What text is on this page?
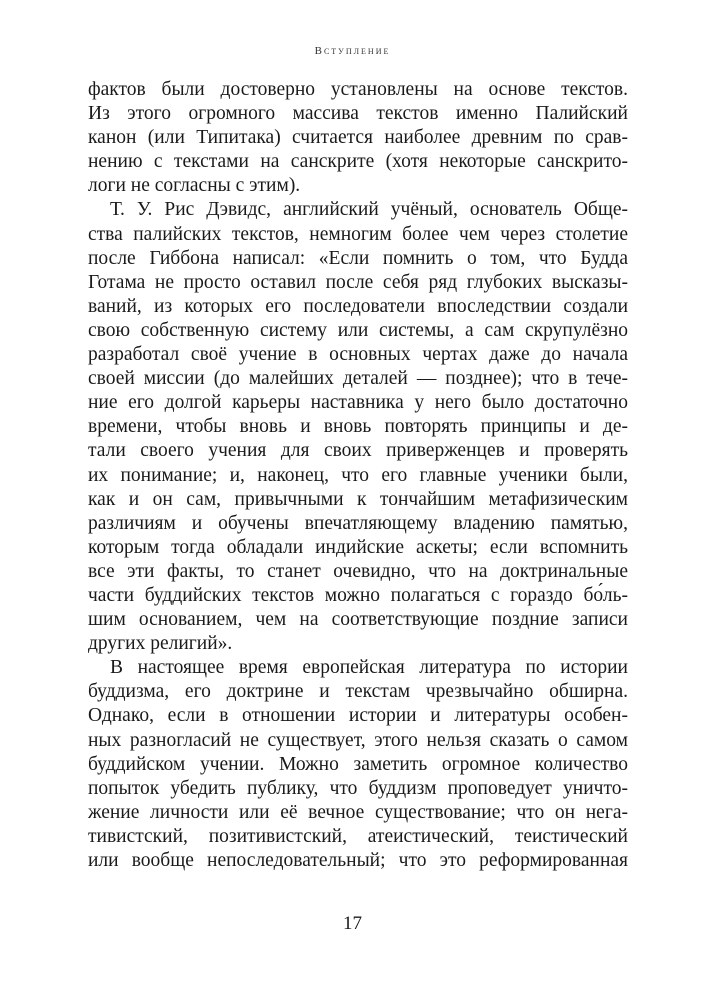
Вступление
фактов были достоверно установлены на основе текстов.
Из этого огромного массива текстов именно Палийский
канон (или Типитака) считается наиболее древним по срав-
нению с текстами на санскрите (хотя некоторые санскрито-
логи не согласны с этим).
Т. У. Рис Дэвидс, английский учёный, основатель Обще-
ства палийских текстов, немногим более чем через столетие
после Гиббона написал: «Если помнить о том, что Будда
Готама не просто оставил после себя ряд глубоких высказы-
ваний, из которых его последователи впоследствии создали
свою собственную систему или системы, а сам скрупулёзно
разработал своё учение в основных чертах даже до начала
своей миссии (до малейших деталей — позднее); что в тече-
ние его долгой карьеры наставника у него было достаточно
времени, чтобы вновь и вновь повторять принципы и де-
тали своего учения для своих приверженцев и проверять
их понимание; и, наконец, что его главные ученики были,
как и он сам, привычными к тончайшим метафизическим
различиям и обучены впечатляющему владению памятью,
которым тогда обладали индийские аскеты; если вспомнить
все эти факты, то станет очевидно, что на доктринальные
части буддийских текстов можно полагаться с гораздо бо́ль-
шим основанием, чем на соответствующие поздние записи
других религий».
В настоящее время европейская литература по истории
буддизма, его доктрине и текстам чрезвычайно обширна.
Однако, если в отношении истории и литературы особен-
ных разногласий не существует, этого нельзя сказать о самом
буддийском учении. Можно заметить огромное количество
попыток убедить публику, что буддизм проповедует уничто-
жение личности или её вечное существование; что он нега-
тивистский, позитивистский, атеистический, теистический
или вообще непоследовательный; что это реформированная
17
